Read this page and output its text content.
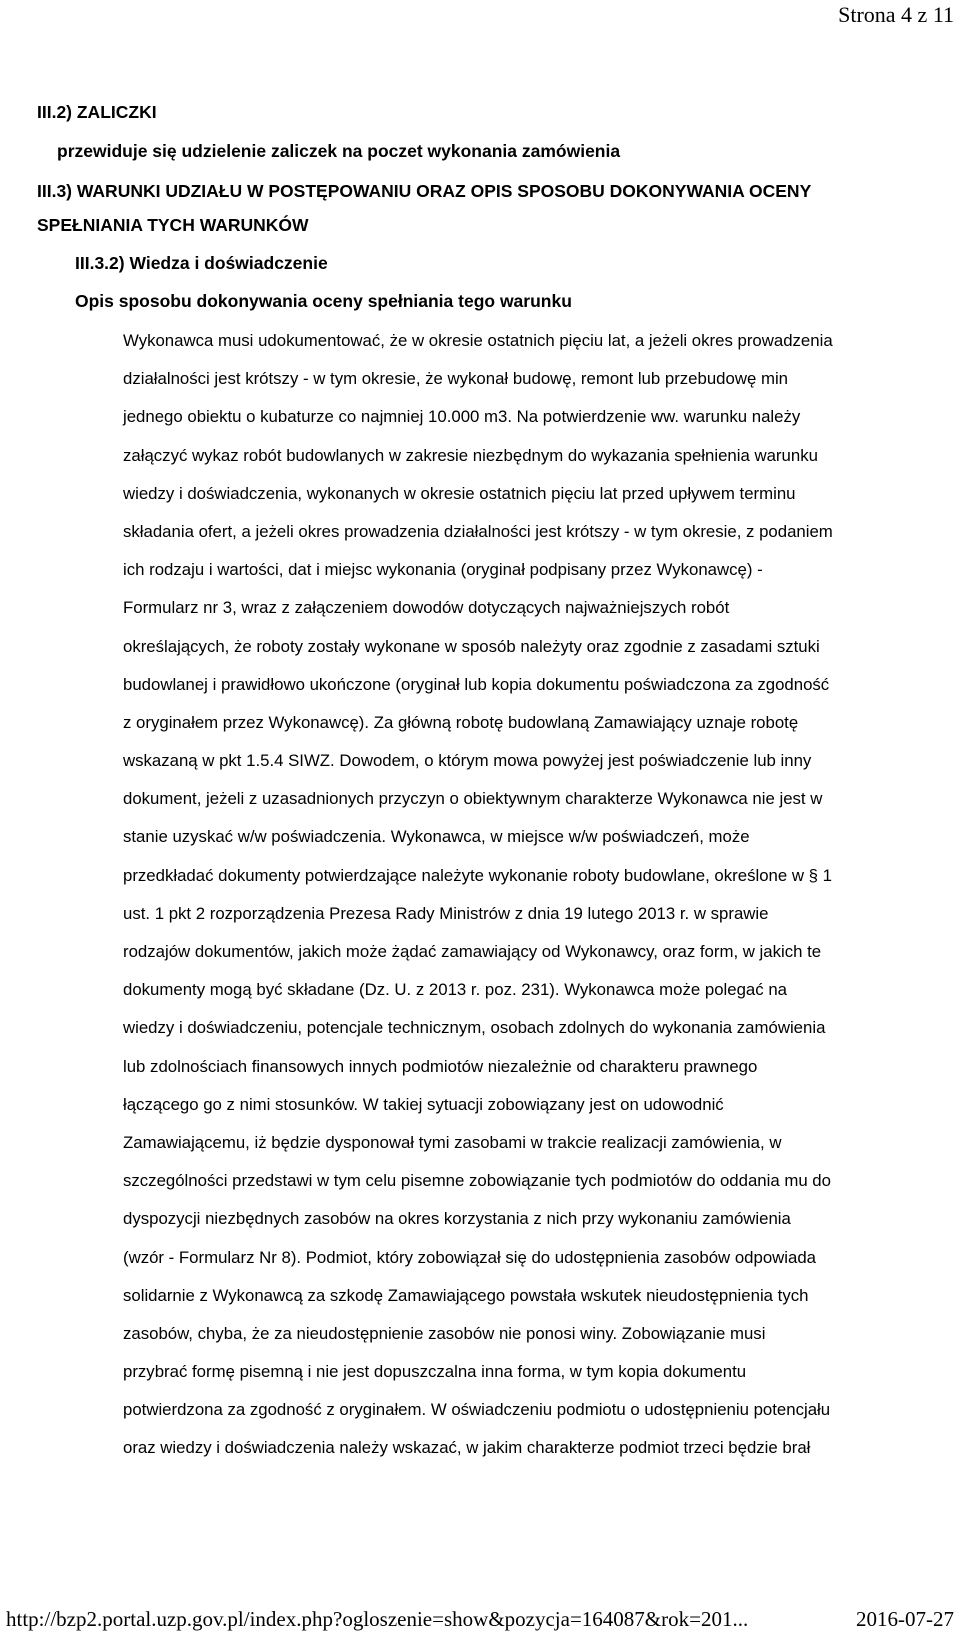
Strona 4 z 11
III.2) ZALICZKI
przewiduje się udzielenie zaliczek na poczet wykonania zamówienia
III.3) WARUNKI UDZIAŁU W POSTĘPOWANIU ORAZ OPIS SPOSOBU DOKONYWANIA OCENY
SPEŁNIANIA TYCH WARUNKÓW
III.3.2) Wiedza i doświadczenie
Opis sposobu dokonywania oceny spełniania tego warunku
Wykonawca musi udokumentować, że w okresie ostatnich pięciu lat, a jeżeli okres prowadzenia
działalności jest krótszy - w tym okresie, że wykonał budowę, remont lub przebudowę min
jednego obiektu o kubaturze co najmniej 10.000 m3. Na potwierdzenie ww. warunku należy
załączyć wykaz robót budowlanych w zakresie niezbędnym do wykazania spełnienia warunku
wiedzy i doświadczenia, wykonanych w okresie ostatnich pięciu lat przed upływem terminu
składania ofert, a jeżeli okres prowadzenia działalności jest krótszy - w tym okresie, z podaniem
ich rodzaju i wartości, dat i miejsc wykonania (oryginał podpisany przez Wykonawcę) -
Formularz nr 3, wraz z załączeniem dowodów dotyczących najważniejszych robót
określających, że roboty zostały wykonane w sposób należyty oraz zgodnie z zasadami sztuki
budowlanej i prawidłowo ukończone (oryginał lub kopia dokumentu poświadczona za zgodność
z oryginałem przez Wykonawcę). Za główną robotę budowlaną Zamawiający uznaje robotę
wskazaną w pkt 1.5.4 SIWZ. Dowodem, o którym mowa powyżej jest poświadczenie lub inny
dokument, jeżeli z uzasadnionych przyczyn o obiektywnym charakterze Wykonawca nie jest w
stanie uzyskać w/w poświadczenia. Wykonawca, w miejsce w/w poświadczeń, może
przedkładać dokumenty potwierdzające należyte wykonanie roboty budowlane, określone w § 1
ust. 1 pkt 2 rozporządzenia Prezesa Rady Ministrów z dnia 19 lutego 2013 r. w sprawie
rodzajów dokumentów, jakich może żądać zamawiający od Wykonawcy, oraz form, w jakich te
dokumenty mogą być składane (Dz. U. z 2013 r. poz. 231). Wykonawca może polegać na
wiedzy i doświadczeniu, potencjale technicznym, osobach zdolnych do wykonania zamówienia
lub zdolnościach finansowych innych podmiotów niezależnie od charakteru prawnego
łączącego go z nimi stosunków. W takiej sytuacji zobowiązany jest on udowodnić
Zamawiającemu, iż będzie dysponował tymi zasobami w trakcie realizacji zamówienia, w
szczególności przedstawi w tym celu pisemne zobowiązanie tych podmiotów do oddania mu do
dyspozycji niezbędnych zasobów na okres korzystania z nich przy wykonaniu zamówienia
(wzór - Formularz Nr 8). Podmiot, który zobowiązał się do udostępnienia zasobów odpowiada
solidarnie z Wykonawcą za szkodę Zamawiającego powstała wskutek nieudostępnienia tych
zasobów, chyba, że za nieudostępnienie zasobów nie ponosi winy. Zobowiązanie musi
przybrać formę pisemną i nie jest dopuszczalna inna forma, w tym kopia dokumentu
potwierdzona za zgodność z oryginałem. W oświadczeniu podmiotu o udostępnieniu potencjału
oraz wiedzy i doświadczenia należy wskazać, w jakim charakterze podmiot trzeci będzie brał
http://bzp2.portal.uzp.gov.pl/index.php?ogloszenie=show&pozycja=164087&rok=201...	2016-07-27
